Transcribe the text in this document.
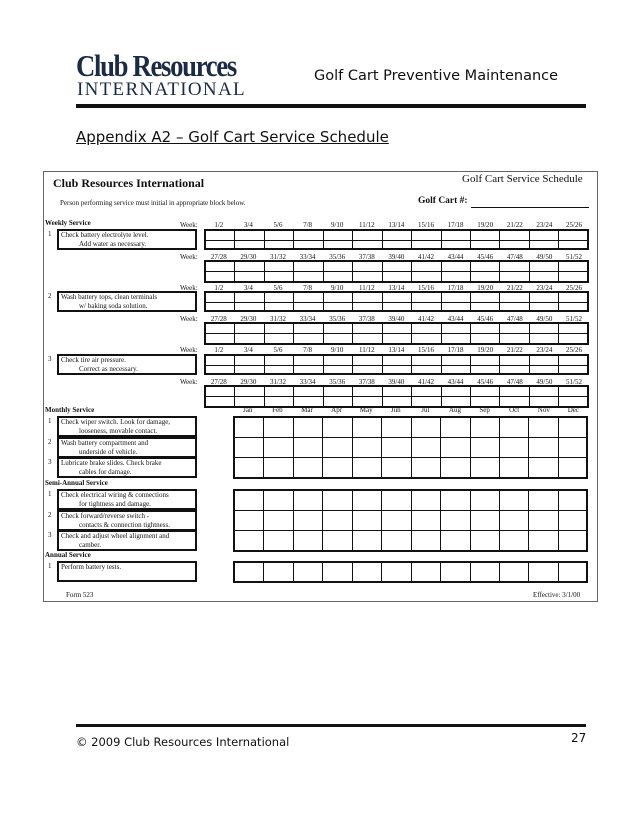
Club Resources
INTERNATIONAL
Golf Cart Preventive Maintenance
Appendix A2 – Golf Cart Service Schedule
Club Resources International	Golf Cart Service Schedule
Person performing service must initial in appropriate block below.	Golf Cart #:
Weekly Service	Week:	1/2	3/4	5/6	7/8	9/10	11/12	13/14	15/16	17/18	19/20	21/22	23/24	25/26
Week:	27/28	29/30	31/32	33/34	35/36	37/38	39/40	41/42	43/44	45/46	47/48	49/50	51/52
1 Check battery electrolyte level.
Add water as necessary.
Week:	1/2	3/4	5/6	7/8	9/10	11/12	13/14	15/16	17/18	19/20	21/22	23/24	25/26
Week:	27/28	29/30	31/32	33/34	35/36	37/38	39/40	41/42	43/44	45/46	47/48	49/50	51/52
2 Wash battery tops, clean terminals
w/ baking soda solution.
Week:	1/2	3/4	5/6	7/8	9/10	11/12	13/14	15/16	17/18	19/20	21/22	23/24	25/26
Week:	27/28	29/30	31/32	33/34	35/36	37/38	39/40	41/42	43/44	45/46	47/48	49/50	51/52
3 Check tire air pressure.
Correct as necessary.
Monthly Service	Jan	Feb	Mar	Apr	May	Jun	Jul	Aug	Sep	Oct	Nov	Dec
1 Check wiper switch. Look for damage,
looseness, movable contact.
2 Wash battery compartment and
underside of vehicle.
3 Lubricate brake slides. Check brake
cables for damage.
Semi-Annual Service
1 Check electrical wiring & connections
for tightness and damage.
2 Check forward/reverse switch -
contacts & connection tightness.
3 Check and adjust wheel alignment and
camber.
Annual Service
1 Perform battery tests.
Form 523	Effective: 3/1/00
© 2009 Club Resources International	27
